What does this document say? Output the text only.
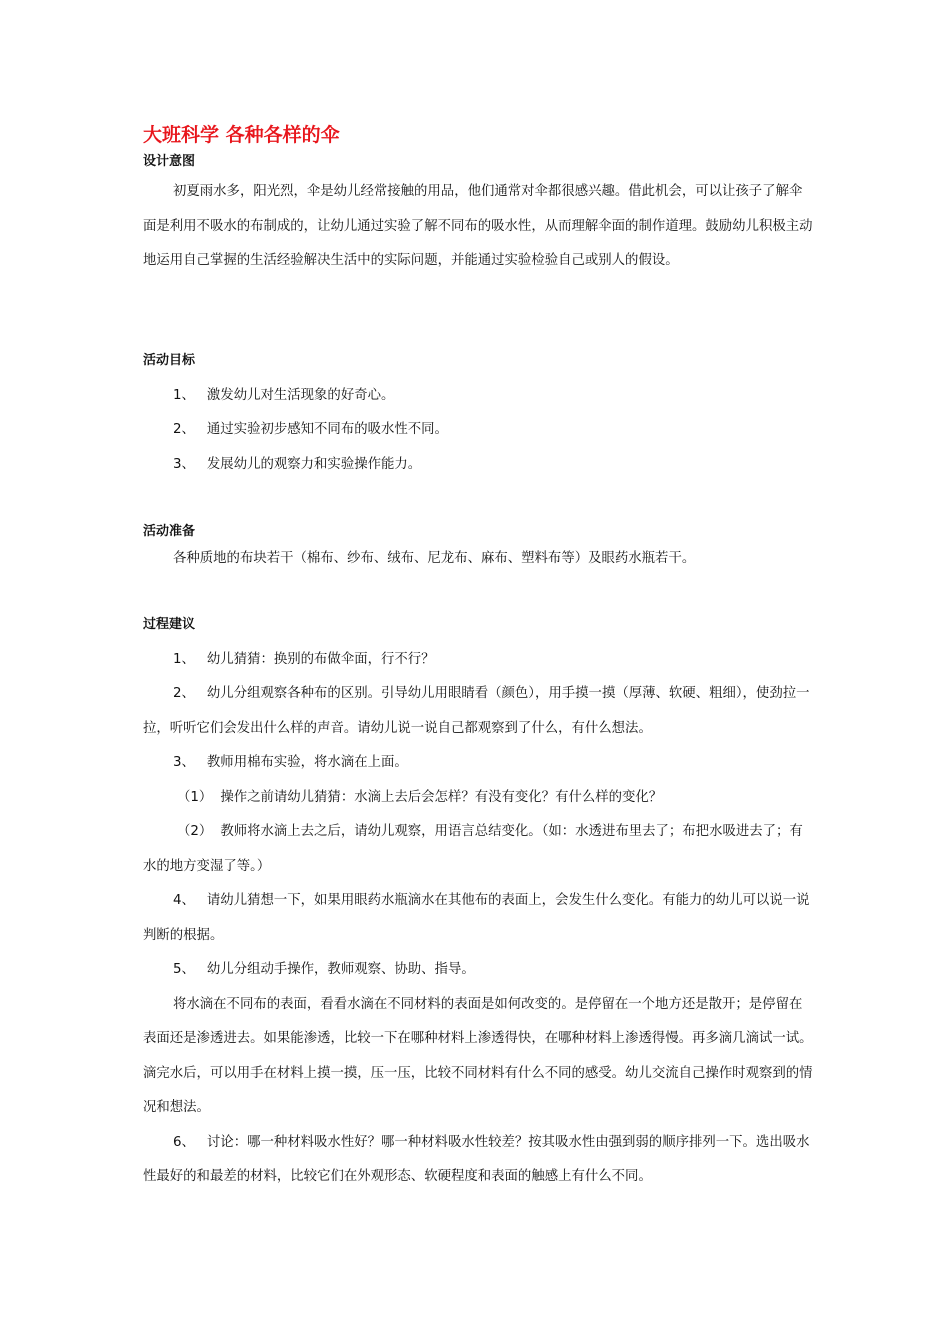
大班科学 各种各样的伞
设计意图

初夏雨水多，阳光烈，伞是幼儿经常接触的用品，他们通常对伞都很感兴趣。借此机会，可以让孩子了解伞面是利用不吸水的布制成的，让幼儿通过实验了解不同布的吸水性，从而理解伞面的制作道理。鼓励幼儿积极主动地运用自己掌握的生活经验解决生活中的实际问题，并能通过实验检验自己或别人的假设。

活动目标

1、 激发幼儿对生活现象的好奇心。

2、 通过实验初步感知不同布的吸水性不同。

3、 发展幼儿的观察力和实验操作能力。

活动准备

各种质地的布块若干（棉布、纱布、绒布、尼龙布、麻布、塑料布等）及眼药水瓶若干。

过程建议

1、 幼儿猜猜：换别的布做伞面，行不行？

2、 幼儿分组观察各种布的区别。引导幼儿用眼睛看（颜色），用手摸一摸（厚薄、软硬、粗细），使劲拉一拉，听听它们会发出什么样的声音。请幼儿说一说自己都观察到了什么，有什么想法。

3、 教师用棉布实验，将水滴在上面。

（1） 操作之前请幼儿猜猜：水滴上去后会怎样？有没有变化？有什么样的变化？

（2） 教师将水滴上去之后，请幼儿观察，用语言总结变化。（如：水透进布里去了；布把水吸进去了；有水的地方变湿了等。）

4、 请幼儿猜想一下，如果用眼药水瓶滴水在其他布的表面上，会发生什么变化。有能力的幼儿可以说一说判断的根据。

5、 幼儿分组动手操作，教师观察、协助、指导。

将水滴在不同布的表面，看看水滴在不同材料的表面是如何改变的。是停留在一个地方还是散开；是停留在表面还是渗透进去。如果能渗透，比较一下在哪种材料上渗透得快，在哪种材料上渗透得慢。再多滴几滴试一试。滴完水后，可以用手在材料上摸一摸，压一压，比较不同材料有什么不同的感受。幼儿交流自己操作时观察到的情况和想法。

6、 讨论：哪一种材料吸水性好？哪一种材料吸水性较差？按其吸水性由强到弱的顺序排列一下。选出吸水性最好的和最差的材料，比较它们在外观形态、软硬程度和表面的触感上有什么不同。
